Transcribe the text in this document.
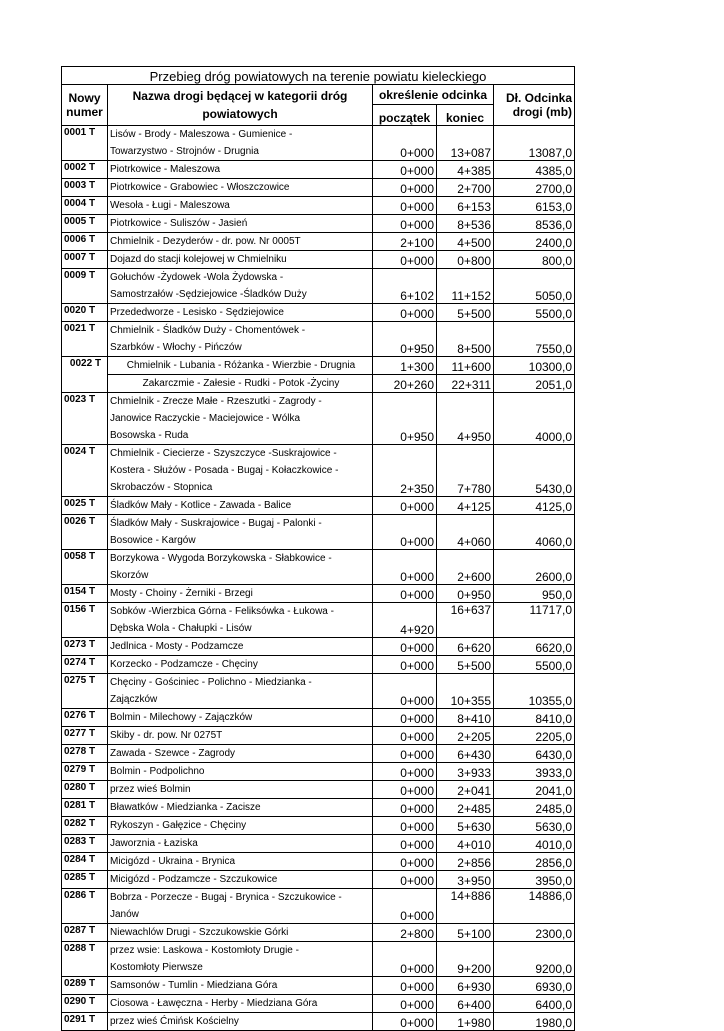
Przebieg dróg powiatowych na terenie powiatu kieleckiego				
Nowy	Nazwa drogi będącej w kategorii dróg
powiatowych	określenie odcinka		Dł. Odcinka
numer		początek	koniec	drogi (mb)
0001 T	Lisów - Brody - Maleszowa - Gumienice -
Towarzystwo - Strojnów - Drugnia	0+000	13+087	13087,0
0002 T	Piotrkowice - Maleszowa	0+000	4+385	4385,0
0003 T	Piotrkowice - Grabowiec - Włoszczowice	0+000	2+700	2700,0
0004 T	Wesoła - Ługi - Maleszowa	0+000	6+153	6153,0
0005 T	Piotrkowice - Suliszów - Jasień	0+000	8+536	8536,0
0006 T	Chmielnik - Dezyderów - dr. pow. Nr 0005T	2+100	4+500	2400,0
0007 T	Dojazd do stacji kolejowej w Chmielniku	0+000	0+800	800,0
0009 T	Gołuchów -Żydowek -Wola Żydowska -
Samostrzałów -Sędziejowice -Śladków Duży	6+102	11+152	5050,0
0020 T	Przededworze - Lesisko - Sędziejowice	0+000	5+500	5500,0
0021 T	Chmielnik - Śladków Duży - Chomentówek -
Szarbków - Włochy - Pińczów	0+950	8+500	7550,0
0022 T	Chmielnik - Lubania - Różanka - Wierzbie - Drugnia	1+300	11+600	10300,0
	Zakarczmie - Załesie - Rudki - Potok -Życiny	20+260	22+311	2051,0
0023 T	Chmielnik - Zrecze Małe - Rzeszutki - Zagrody -
Janowice Raczyckie - Maciejowice - Wólka
Bosowska - Ruda	0+950	4+950	4000,0
0024 T	Chmielnik - Ciecierze - Szyszczyce -Suskrajowice -
Kostera - Służów - Posada - Bugaj - Kołaczkowice -
Skrobaczów - Stopnica	2+350	7+780	5430,0
0025 T	Śladków Mały - Kotlice - Zawada - Balice	0+000	4+125	4125,0
0026 T	Śladków Mały - Suskrajowice - Bugaj - Palonki -
Bosowice - Kargów	0+000	4+060	4060,0
0058 T	Borzykowa - Wygoda Borzykowska - Słabkowice -
Skorzów	0+000	2+600	2600,0
0154 T	Mosty - Choiny - Żerniki - Brzegi	0+000	0+950	950,0
0156 T	Sobków -Wierzbica Górna - Feliksówka - Łukowa -
Dębska Wola - Chałupki - Lisów	4+920	16+637	11717,0
0273 T	Jedlnica - Mosty - Podzamcze	0+000	6+620	6620,0
0274 T	Korzecko - Podzamcze - Chęciny	0+000	5+500	5500,0
0275 T	Chęciny - Gościniec - Polichno - Miedzianka -
Zajączków	0+000	10+355	10355,0
0276 T	Bolmin - Milechowy - Zajączków	0+000	8+410	8410,0
0277 T	Skiby - dr. pow. Nr 0275T	0+000	2+205	2205,0
0278 T	Zawada - Szewce - Zagrody	0+000	6+430	6430,0
0279 T	Bolmin - Podpolichno	0+000	3+933	3933,0
0280 T	przez wieś Bolmin	0+000	2+041	2041,0
0281 T	Bławatków - Miedzianka - Zacisze	0+000	2+485	2485,0
0282 T	Rykoszyn - Gałęzice - Chęciny	0+000	5+630	5630,0
0283 T	Jaworznia - Łaziska	0+000	4+010	4010,0
0284 T	Micigózd - Ukraina - Brynica	0+000	2+856	2856,0
0285 T	Micigózd - Podzamcze - Szczukowice	0+000	3+950	3950,0
0286 T	Bobrza - Porzecze - Bugaj - Brynica - Szczukowice -
Janów	0+000	14+886	14886,0
0287 T	Niewachlów Drugi - Szczukowskie Górki	2+800	5+100	2300,0
0288 T	przez wsie: Laskowa - Kostomłoty Drugie -
Kostomłoty Pierwsze	0+000	9+200	9200,0
0289 T	Samsonów - Tumlin - Miedziana Góra	0+000	6+930	6930,0
0290 T	Ciosowa - Ławęczna - Herby - Miedziana Góra	0+000	6+400	6400,0
0291 T	przez wieś Ćmińsk Kościelny	0+000	1+980	1980,0
